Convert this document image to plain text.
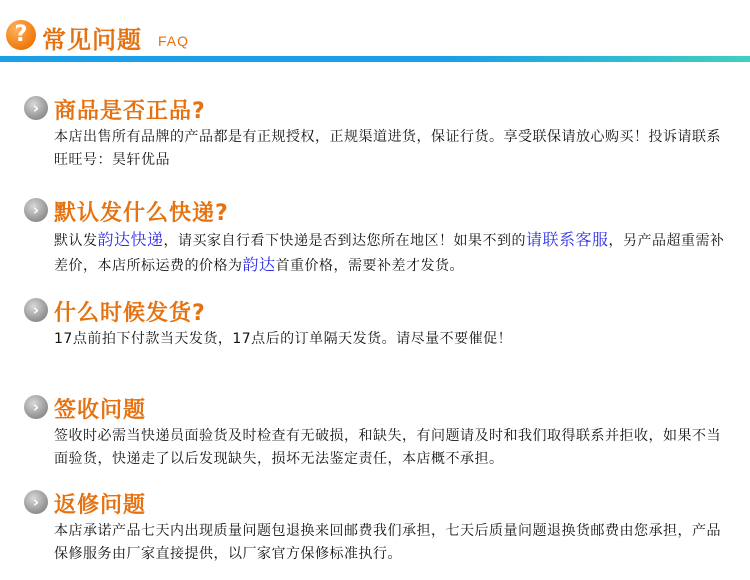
? 常见问题 FAQ
› 商品是否正品?
本店出售所有品牌的产品都是有正规授权，正规渠道进货，保证行货。享受联保请放心购买！投诉请联系旺旺号：昊轩优品
› 默认发什么快递?
默认发韵达快递，请买家自行看下快递是否到达您所在地区！如果不到的请联系客服，另产品超重需补差价，本店所标运费的价格为韵达首重价格，需要补差才发货。
› 什么时候发货?
17点前拍下付款当天发货，17点后的订单隔天发货。请尽量不要催促！
› 签收问题
签收时必需当快递员面验货及时检查有无破损，和缺失，有问题请及时和我们取得联系并拒收，如果不当面验货，快递走了以后发现缺失，损坏无法鉴定责任，本店概不承担。
› 返修问题
本店承诺产品七天内出现质量问题包退换来回邮费我们承担，七天后质量问题退换货邮费由您承担，产品保修服务由厂家直接提供，以厂家官方保修标准执行。
